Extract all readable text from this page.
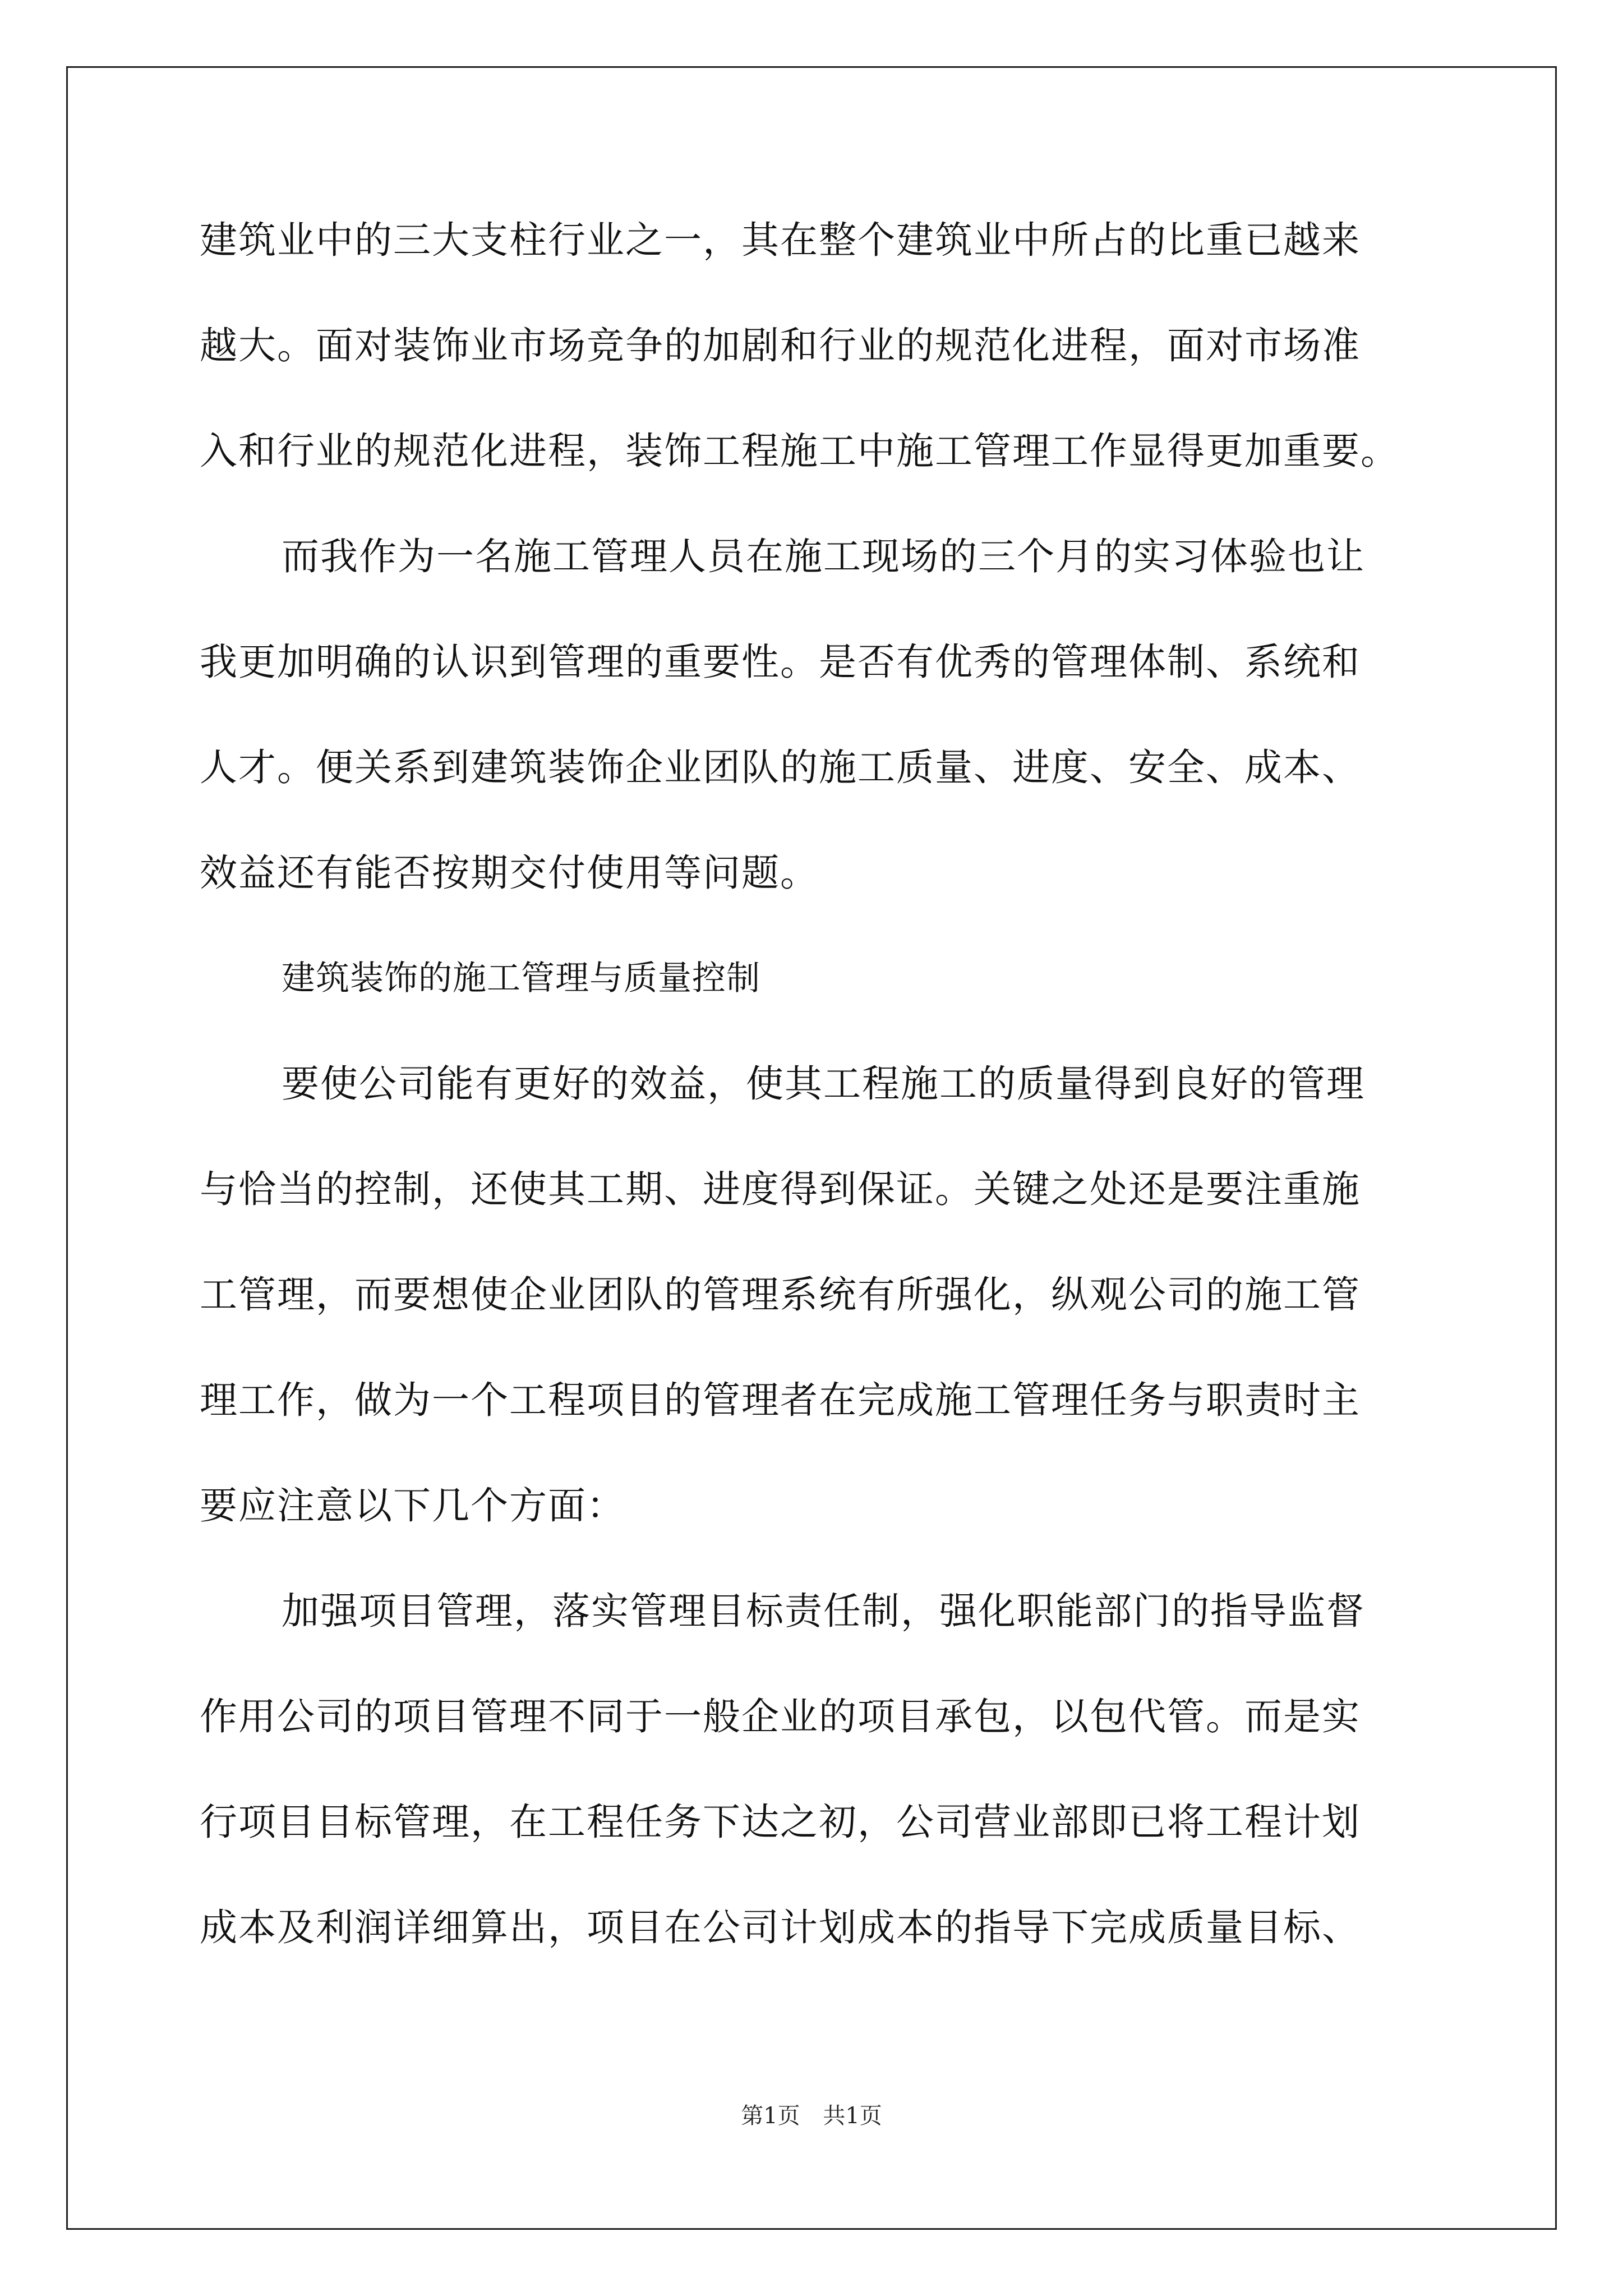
建筑业中的三大支柱行业之一，其在整个建筑业中所占的比重已越来
越大。面对装饰业市场竞争的加剧和行业的规范化进程，面对市场准
入和行业的规范化进程，装饰工程施工中施工管理工作显得更加重要。
而我作为一名施工管理人员在施工现场的三个月的实习体验也让
我更加明确的认识到管理的重要性。是否有优秀的管理体制、系统和
人才。便关系到建筑装饰企业团队的施工质量、进度、安全、成本、
效益还有能否按期交付使用等问题。
建筑装饰的施工管理与质量控制
要使公司能有更好的效益，使其工程施工的质量得到良好的管理
与恰当的控制，还使其工期、进度得到保证。关键之处还是要注重施
工管理，而要想使企业团队的管理系统有所强化，纵观公司的施工管
理工作，做为一个工程项目的管理者在完成施工管理任务与职责时主
要应注意以下几个方面：
加强项目管理，落实管理目标责任制，强化职能部门的指导监督
作用公司的项目管理不同于一般企业的项目承包，以包代管。而是实
行项目目标管理，在工程任务下达之初，公司营业部即已将工程计划
成本及利润详细算出，项目在公司计划成本的指导下完成质量目标、
第1页 共1页
